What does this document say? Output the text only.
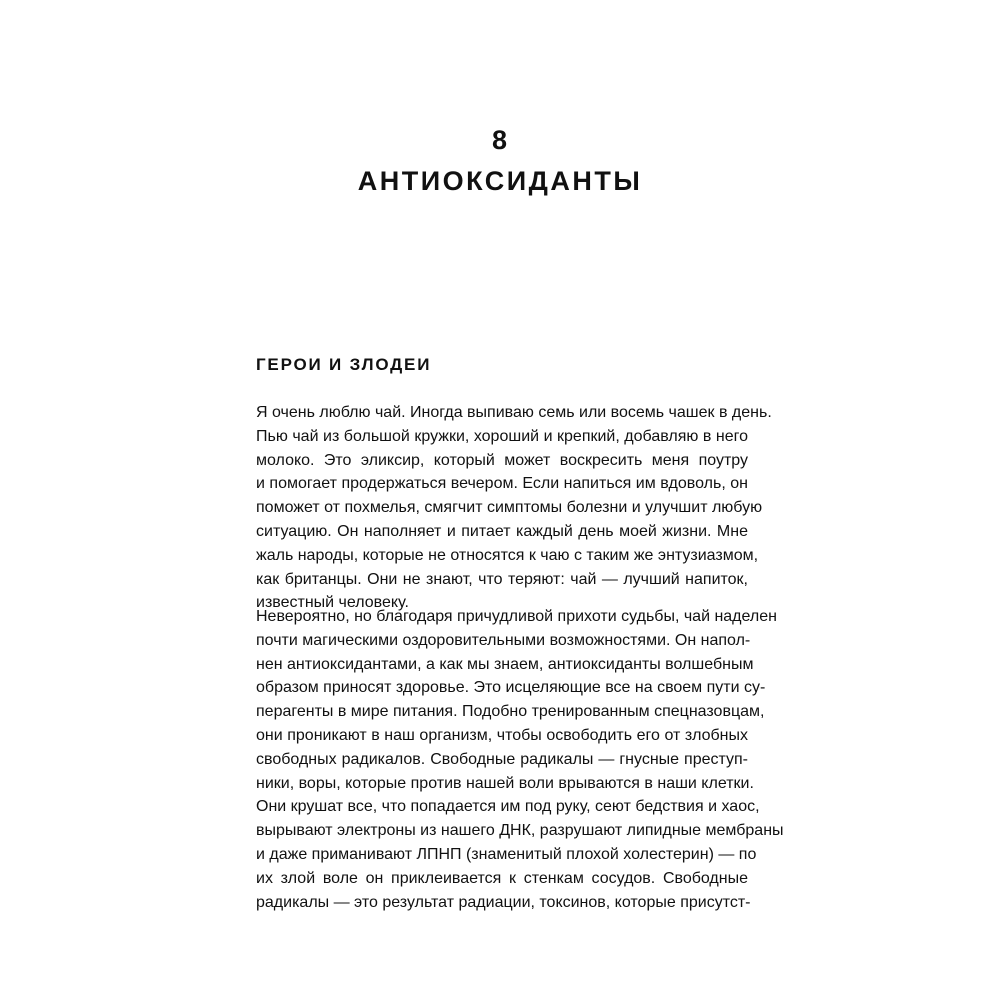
8
АНТИОКСИДАНТЫ
ГЕРОИ И ЗЛОДЕИ
Я очень люблю чай. Иногда выпиваю семь или восемь чашек в день.
Пью чай из большой кружки, хороший и крепкий, добавляю в него
молоко. Это эликсир, который может воскресить меня поутру
и помогает продержаться вечером. Если напиться им вдоволь, он
поможет от похмелья, смягчит симптомы болезни и улучшит любую
ситуацию. Он наполняет и питает каждый день моей жизни. Мне
жаль народы, которые не относятся к чаю с таким же энтузиазмом,
как британцы. Они не знают, что теряют: чай — лучший напиток,
известный человеку.
Невероятно, но благодаря причудливой прихоти судьбы, чай наделен
почти магическими оздоровительными возможностями. Он напол-
нен антиоксидантами, а как мы знаем, антиоксиданты волшебным
образом приносят здоровье. Это исцеляющие все на своем пути су-
перагенты в мире питания. Подобно тренированным спецназовцам,
они проникают в наш организм, чтобы освободить его от злобных
свободных радикалов. Свободные радикалы — гнусные преступ-
ники, воры, которые против нашей воли врываются в наши клетки.
Они крушат все, что попадается им под руку, сеют бедствия и хаос,
вырывают электроны из нашего ДНК, разрушают липидные мембраны
и даже приманивают ЛПНП (знаменитый плохой холестерин) — по
их злой воле он приклеивается к стенкам сосудов. Свободные
радикалы — это результат радиации, токсинов, которые присутст-
